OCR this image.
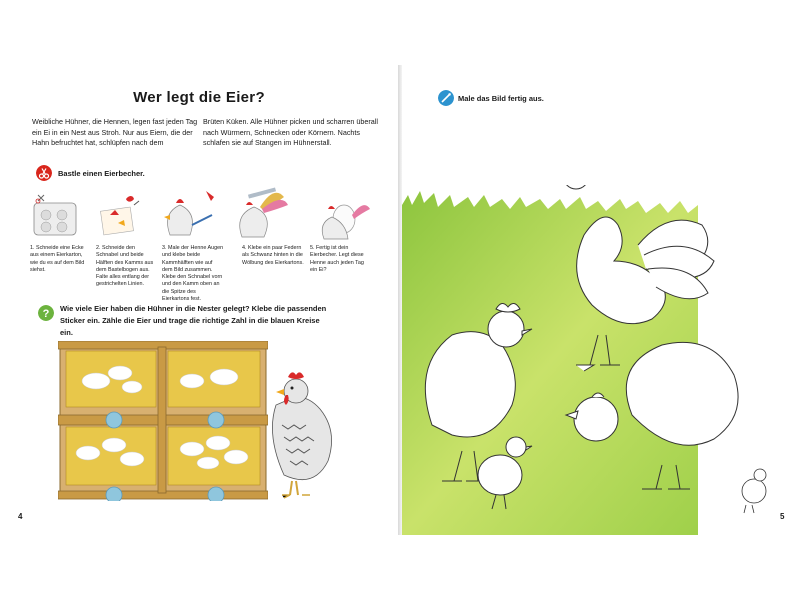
Wer legt die Eier?
Weibliche Hühner, die Hennen, legen fast jeden Tag ein Ei in ein Nest aus Stroh. Nur aus Eiern, die der Hahn befruchtet hat, schlüpfen nach dem
Brüten Küken. Alle Hühner picken und scharren überall nach Würmern, Schnecken oder Körnern. Nachts schlafen sie auf Stangen im Hühnerstall.
Bastle einen Eierbecher.
1. Schneide eine Ecke aus einem Eierkarton, wie du es auf dem Bild siehst.
2. Schneide den Schnabel und beide Hälften des Kamms aus dem Bastelbogen aus. Falte alles entlang der gestrichelten Linien.
3. Male der Henne Augen und klebe beide Kammhälften wie auf dem Bild zusammen. Klebe den Schnabel vorn und den Kamm oben an die Spitze des Eierkartons fest.
4. Klebe ein paar Federn als Schwanz hinten in die Wölbung des Eierkartons.
5. Fertig ist dein Eierbecher. Legt diese Henne auch jeden Tag ein Ei?
? Wie viele Eier haben die Hühner in die Nester gelegt? Klebe die passenden Sticker ein. Zähle die Eier und trage die richtige Zahl in die blauen Kreise ein.
4
Male das Bild fertig aus.
5
